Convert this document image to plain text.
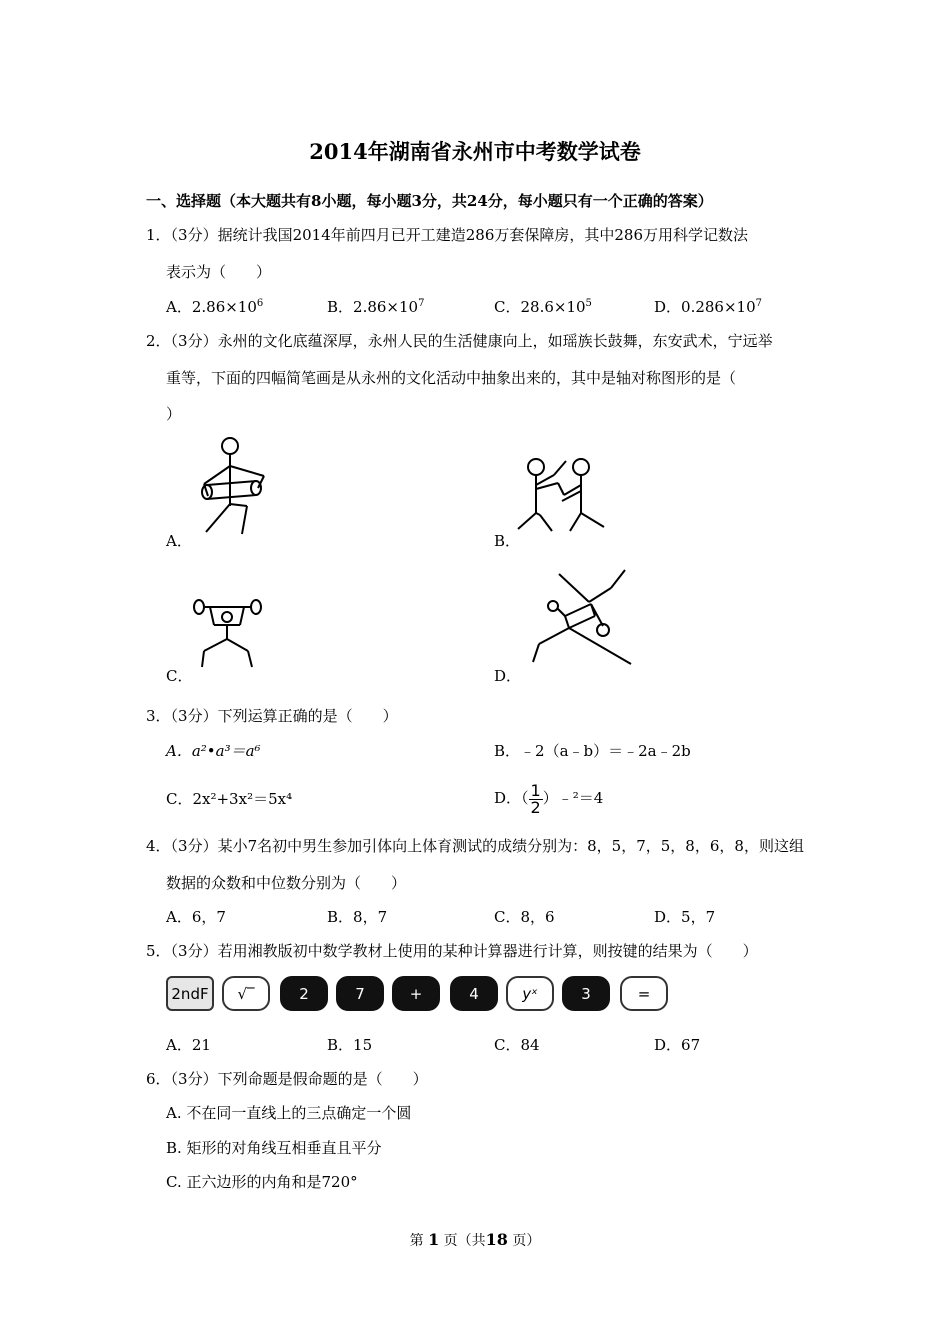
2014年湖南省永州市中考数学试卷
一、选择题（本大题共有8小题，每小题3分，共24分，每小题只有一个正确的答案）
1．（3分）据统计我国2014年前四月已开工建造286万套保障房，其中286万用科学记数法
表示为（　　）
A．$2.86\times 10^6$	B．$2.86\times 10^7$	C．$28.6\times 10^5$	D．$0.286\times 10^7$
2．（3分）永州的文化底蕴深厚，永州人民的生活健康向上，如瑶族长鼓舞，东安武术，宁远举
重等，下面的四幅简笔画是从永州的文化活动中抽象出来的，其中是轴对称图形的是（
）
A．	B．
C．	D．
3．（3分）下列运算正确的是（　　）
A．a²•a³＝a⁶	B．﹣2（a﹣b）＝﹣2a﹣2b
C．2x²+3x²＝5x⁴	D．（ $\frac{1}{2}$ ）﹣²＝4
4．（3分）某小7名初中男生参加引体向上体育测试的成绩分别为：8，5，7，5，8，6，8，则这组
数据的众数和中位数分别为（　　）
A．6，7	B．8，7	C．8，6	D．5，7
5．（3分）若用湘教版初中数学教材上使用的某种计算器进行计算，则按键的结果为（　　）
2ndF	√‾	2	7	+	4	yˣ	3	=
A．21	B．15	C．84	D．67
6．（3分）下列命题是假命题的是（　　）
A. 不在同一直线上的三点确定一个圆
B. 矩形的对角线互相垂直且平分
C. 正六边形的内角和是720°
第 1 页（共18 页）
